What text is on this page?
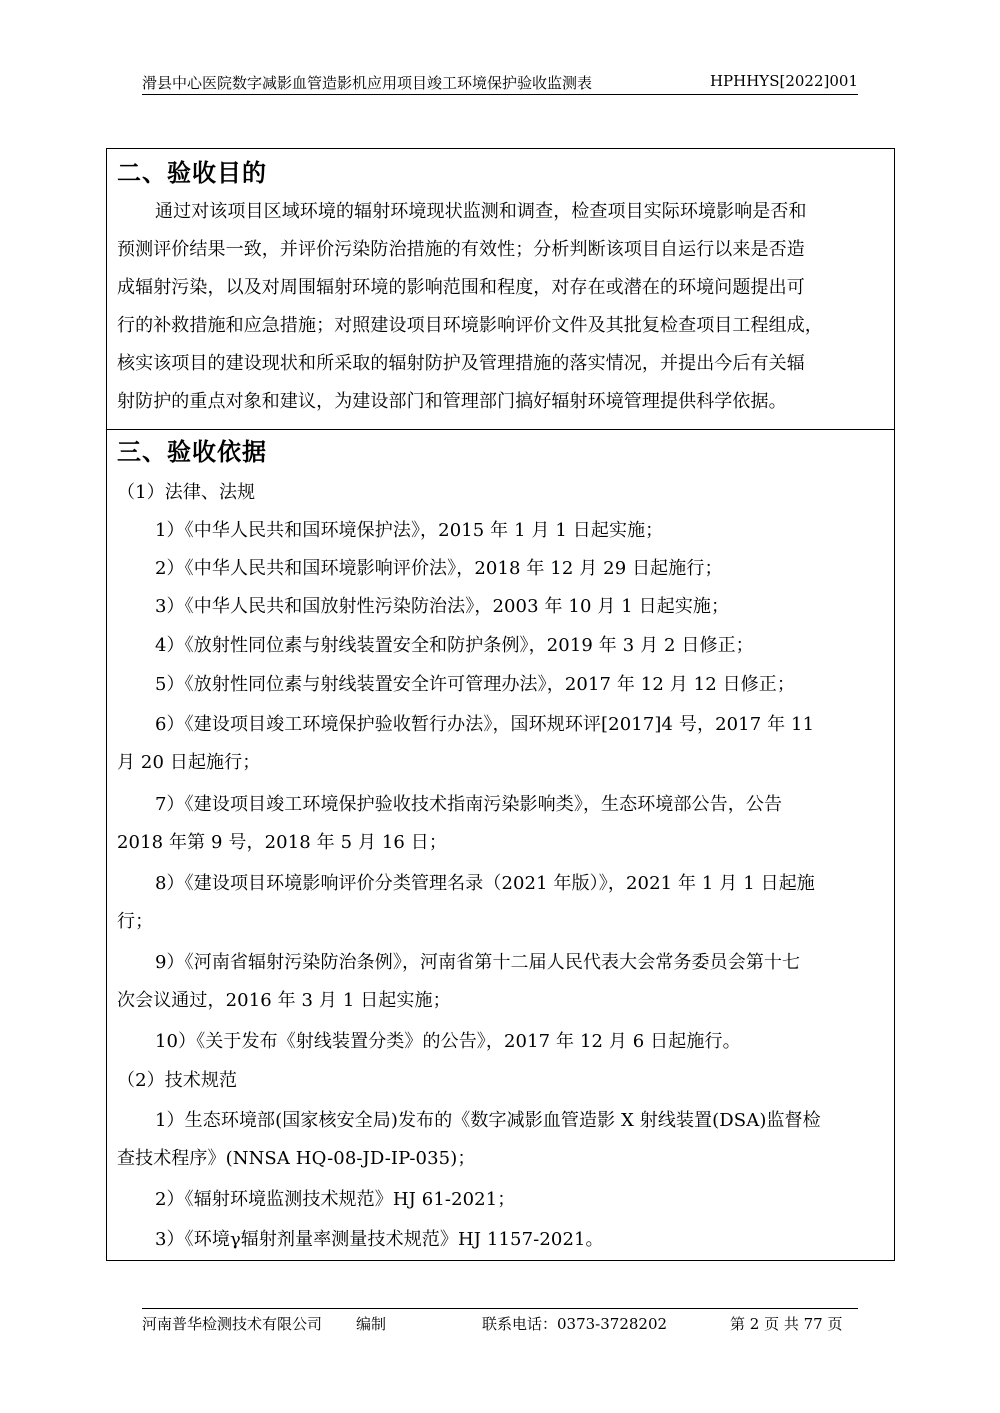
滑县中心医院数字减影血管造影机应用项目竣工环境保护验收监测表	HPHHYS[2022]001
二、验收目的
通过对该项目区域环境的辐射环境现状监测和调查，检查项目实际环境影响是否和
预测评价结果一致，并评价污染防治措施的有效性；分析判断该项目自运行以来是否造
成辐射污染，以及对周围辐射环境的影响范围和程度，对存在或潜在的环境问题提出可
行的补救措施和应急措施；对照建设项目环境影响评价文件及其批复检查项目工程组成，
核实该项目的建设现状和所采取的辐射防护及管理措施的落实情况，并提出今后有关辐
射防护的重点对象和建议，为建设部门和管理部门搞好辐射环境管理提供科学依据。
三、验收依据
（1）法律、法规
1）《中华人民共和国环境保护法》，2015 年 1 月 1 日起实施；
2）《中华人民共和国环境影响评价法》，2018 年 12 月 29 日起施行；
3）《中华人民共和国放射性污染防治法》，2003 年 10 月 1 日起实施；
4）《放射性同位素与射线装置安全和防护条例》，2019 年 3 月 2 日修正；
5）《放射性同位素与射线装置安全许可管理办法》，2017 年 12 月 12 日修正；
6）《建设项目竣工环境保护验收暂行办法》，国环规环评[2017]4 号，2017 年 11
月 20 日起施行；
7）《建设项目竣工环境保护验收技术指南污染影响类》，生态环境部公告，公告
2018 年第 9 号，2018 年 5 月 16 日；
8）《建设项目环境影响评价分类管理名录（2021 年版）》，2021 年 1 月 1 日起施
行；
9）《河南省辐射污染防治条例》，河南省第十二届人民代表大会常务委员会第十七
次会议通过，2016 年 3 月 1 日起实施；
10）《关于发布《射线装置分类》的公告》，2017 年 12 月 6 日起施行。
（2）技术规范
1）生态环境部(国家核安全局)发布的《数字减影血管造影 X 射线装置(DSA)监督检
查技术程序》(NNSA HQ-08-JD-IP-035)；
2）《辐射环境监测技术规范》HJ 61-2021；
3）《环境γ辐射剂量率测量技术规范》HJ 1157-2021。
河南普华检测技术有限公司 编制	联系电话：0373-3728202	第 2 页 共 77 页
